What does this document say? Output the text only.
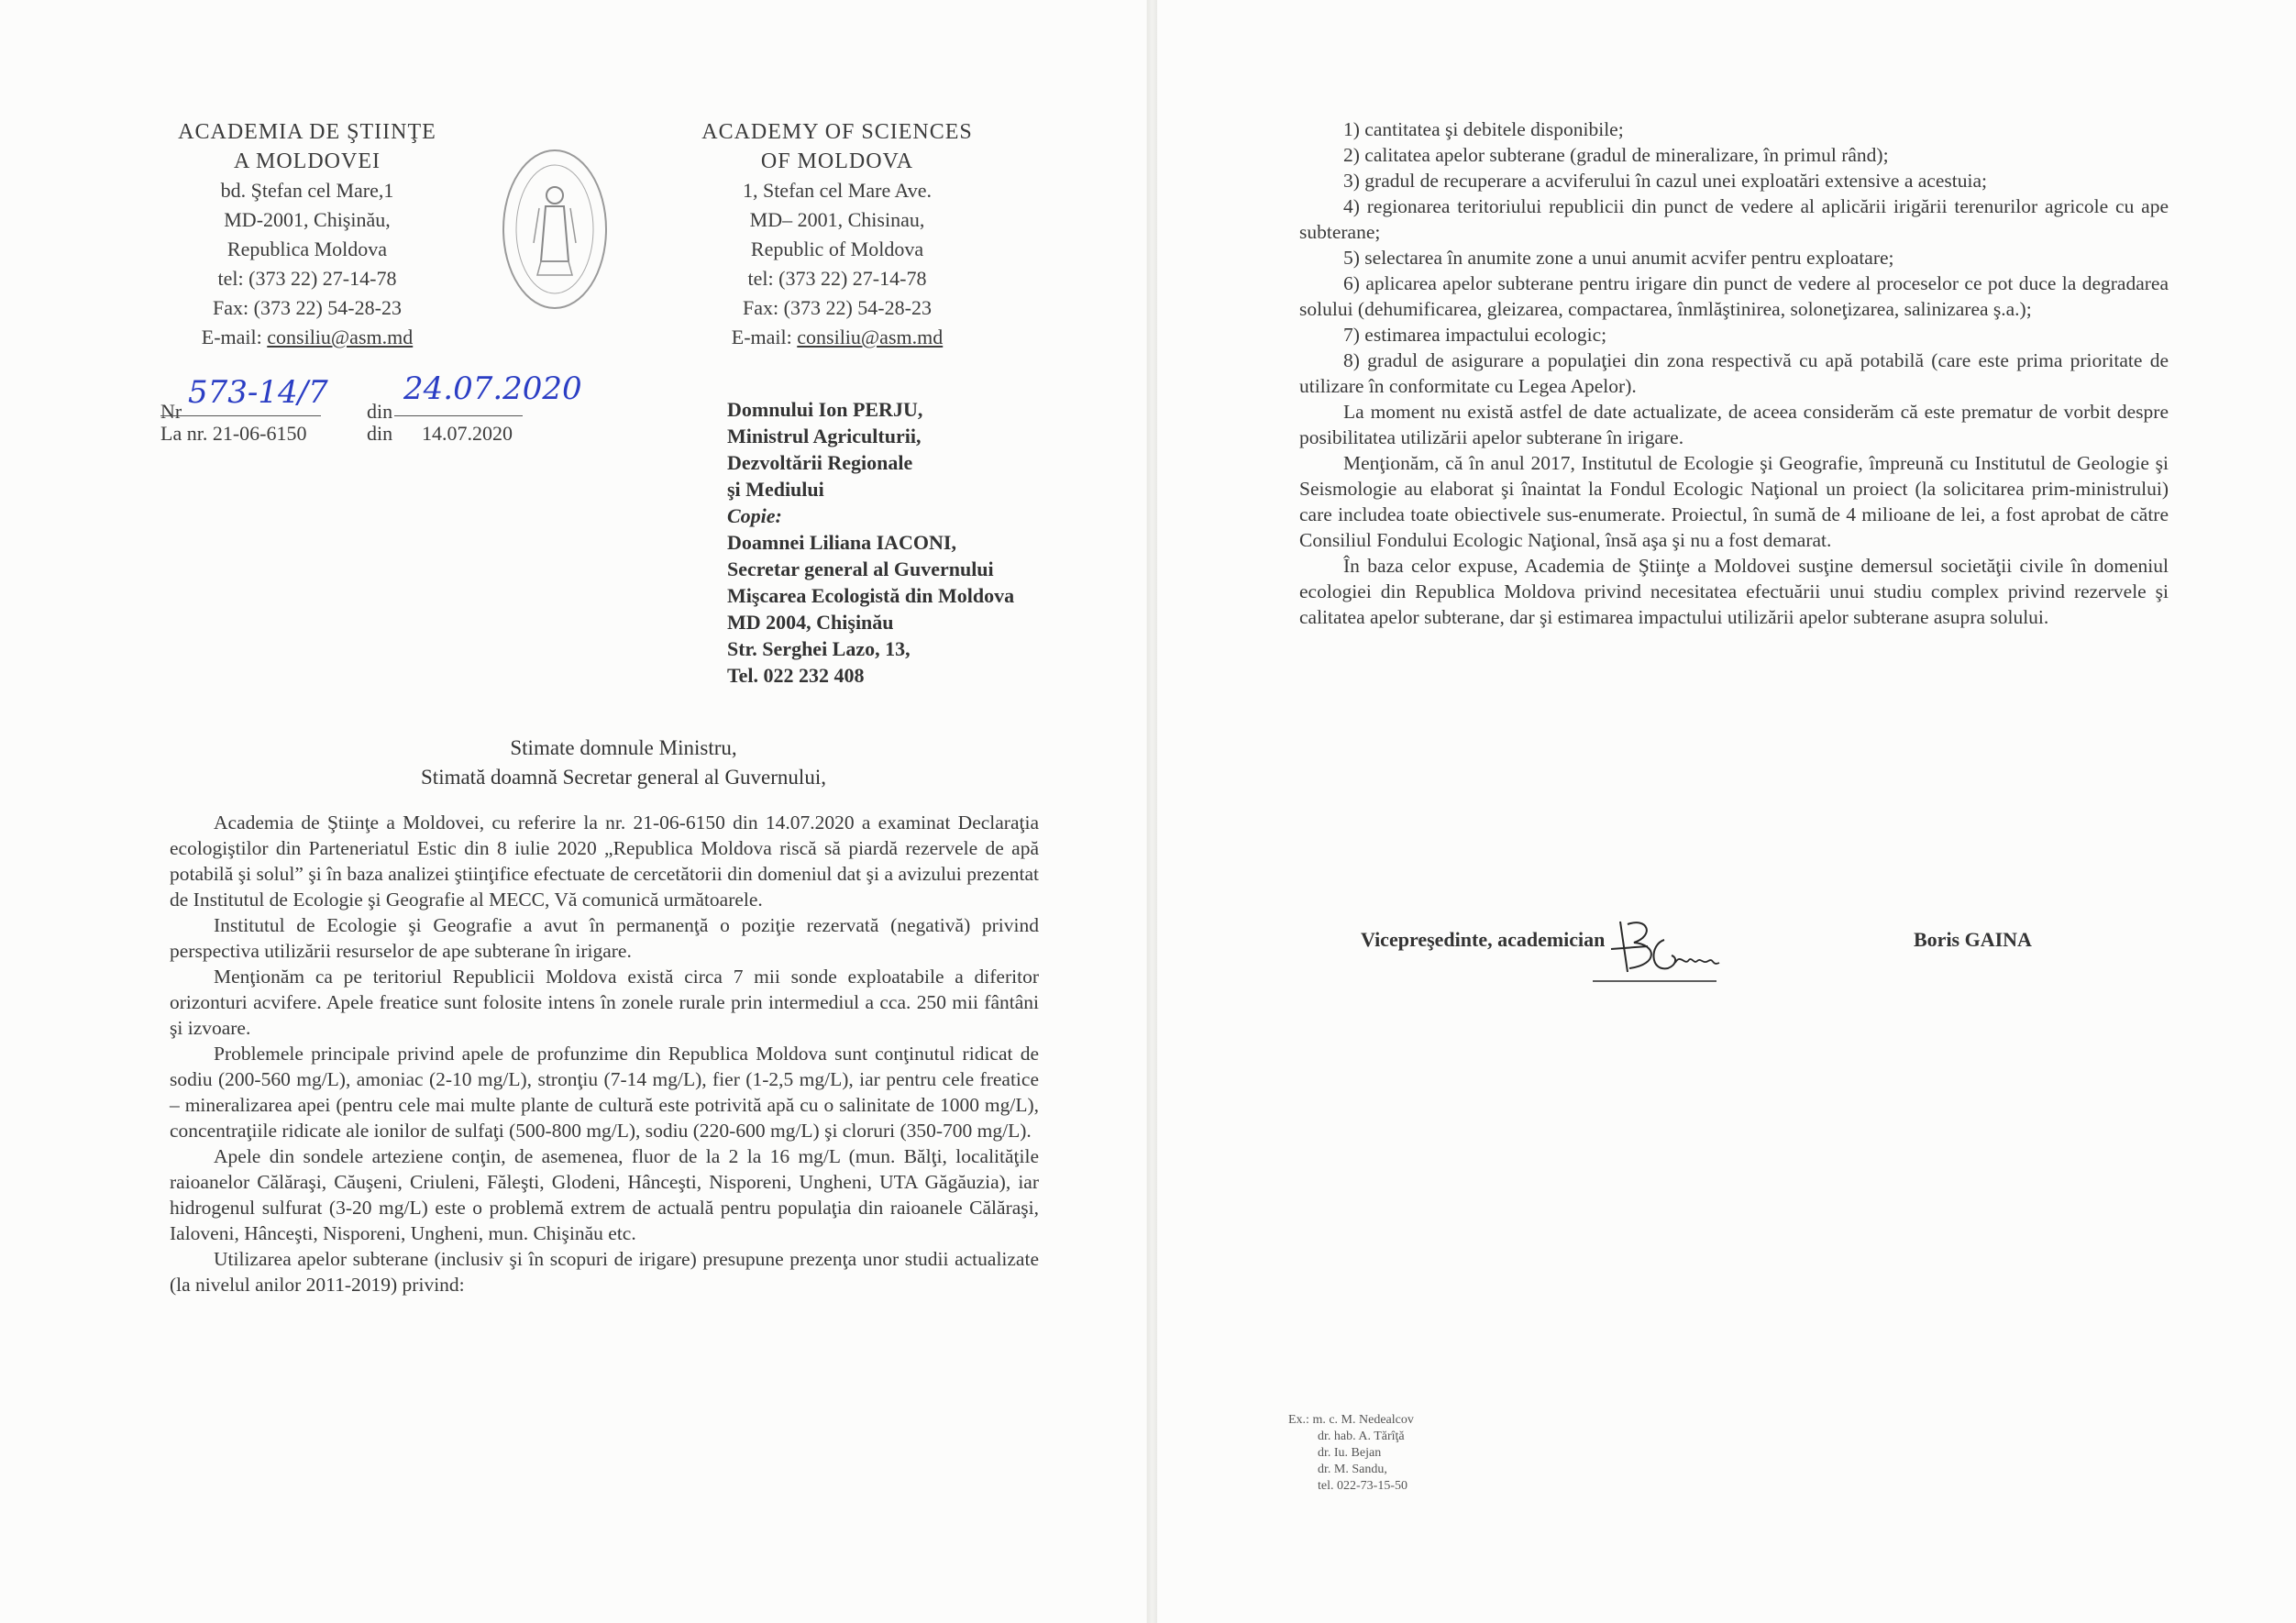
ACADEMIA DE ŞTIINŢE
A MOLDOVEI
bd. Ştefan cel Mare,1
MD-2001, Chişinău,
Republica Moldova
tel: (373 22) 27-14-78
Fax: (373 22) 54-28-23
E-mail: consiliu@asm.md
ACADEMY OF SCIENCES
OF MOLDOVA
1, Stefan cel Mare Ave.
MD– 2001, Chisinau,
Republic of Moldova
tel: (373 22) 27-14-78
Fax: (373 22) 54-28-23
E-mail: consiliu@asm.md
Nr
573-14/7
din
24.07.2020
La nr. 21-06-6150	din 14.07.2020
Domnului Ion PERJU,
Ministrul Agriculturii,
Dezvoltării Regionale
şi Mediului
Copie:
Doamnei Liliana IACONI,
Secretar general al Guvernului
Mişcarea Ecologistă din Moldova
MD 2004, Chişinău
Str. Serghei Lazo, 13,
Tel. 022 232 408
Stimate domnule Ministru,
Stimată doamnă Secretar general al Guvernului,

Academia de Ştiinţe a Moldovei, cu referire la nr. 21-06-6150 din 14.07.2020 a examinat Declaraţia ecologiştilor din Parteneriatul Estic din 8 iulie 2020 „Republica Moldova riscă să piardă rezervele de apă potabilă şi solul” şi în baza analizei ştiinţifice efectuate de cercetătorii din domeniul dat şi a avizului prezentat de Institutul de Ecologie şi Geografie al MECC, Vă comunică următoarele.

Institutul de Ecologie şi Geografie a avut în permanenţă o poziţie rezervată (negativă) privind perspectiva utilizării resurselor de ape subterane în irigare.

Menţionăm ca pe teritoriul Republicii Moldova există circa 7 mii sonde exploatabile a diferitor orizonturi acvifere. Apele freatice sunt folosite intens în zonele rurale prin intermediul a cca. 250 mii fântâni şi izvoare.

Problemele principale privind apele de profunzime din Republica Moldova sunt conţinutul ridicat de sodiu (200-560 mg/L), amoniac (2-10 mg/L), stronţiu (7-14 mg/L), fier (1-2,5 mg/L), iar pentru cele freatice – mineralizarea apei (pentru cele mai multe plante de cultură este potrivită apă cu o salinitate de 1000 mg/L), concentraţiile ridicate ale ionilor de sulfaţi (500-800 mg/L), sodiu (220-600 mg/L) şi cloruri (350-700 mg/L).

Apele din sondele arteziene conţin, de asemenea, fluor de la 2 la 16 mg/L (mun. Bălţi, localităţile raioanelor Călăraşi, Căuşeni, Criuleni, Făleşti, Glodeni, Hânceşti, Nisporeni, Ungheni, UTA Găgăuzia), iar hidrogenul sulfurat (3-20 mg/L) este o problemă extrem de actuală pentru populaţia din raioanele Călăraşi, Ialoveni, Hânceşti, Nisporeni, Ungheni, mun. Chişinău etc.

Utilizarea apelor subterane (inclusiv şi în scopuri de irigare) presupune prezenţa unor studii actualizate (la nivelul anilor 2011-2019) privind:

1) cantitatea şi debitele disponibile;

2) calitatea apelor subterane (gradul de mineralizare, în primul rând);

3) gradul de recuperare a acviferului în cazul unei exploatări extensive a acestuia;

4) regionarea teritoriului republicii din punct de vedere al aplicării irigării terenurilor agricole cu ape subterane;

5) selectarea în anumite zone a unui anumit acvifer pentru exploatare;

6) aplicarea apelor subterane pentru irigare din punct de vedere al proceselor ce pot duce la degradarea solului (dehumificarea, gleizarea, compactarea, înmlăştinirea, soloneţizarea, salinizarea ş.a.);

7) estimarea impactului ecologic;

8) gradul de asigurare a populaţiei din zona respectivă cu apă potabilă (care este prima prioritate de utilizare în conformitate cu Legea Apelor).

La moment nu există astfel de date actualizate, de aceea considerăm că este prematur de vorbit despre posibilitatea utilizării apelor subterane în irigare.

Menţionăm, că în anul 2017, Institutul de Ecologie şi Geografie, împreună cu Institutul de Geologie şi Seismologie au elaborat şi înaintat la Fondul Ecologic Naţional un proiect (la solicitarea prim-ministrului) care includea toate obiectivele sus-enumerate. Proiectul, în sumă de 4 milioane de lei, a fost aprobat de către Consiliul Fondului Ecologic Naţional, însă aşa şi nu a fost demarat.

În baza celor expuse, Academia de Ştiinţe a Moldovei susţine demersul societăţii civile în domeniul ecologiei din Republica Moldova privind necesitatea efectuării unui studiu complex privind rezervele şi calitatea apelor subterane, dar şi estimarea impactului utilizării apelor subterane asupra solului.

Vicepreşedinte, academician	Boris GAINA
Ex.: m. c. M. Nedealcov
dr. hab. A. Tărîţă
dr. Iu. Bejan
dr. M. Sandu,
tel. 022-73-15-50
